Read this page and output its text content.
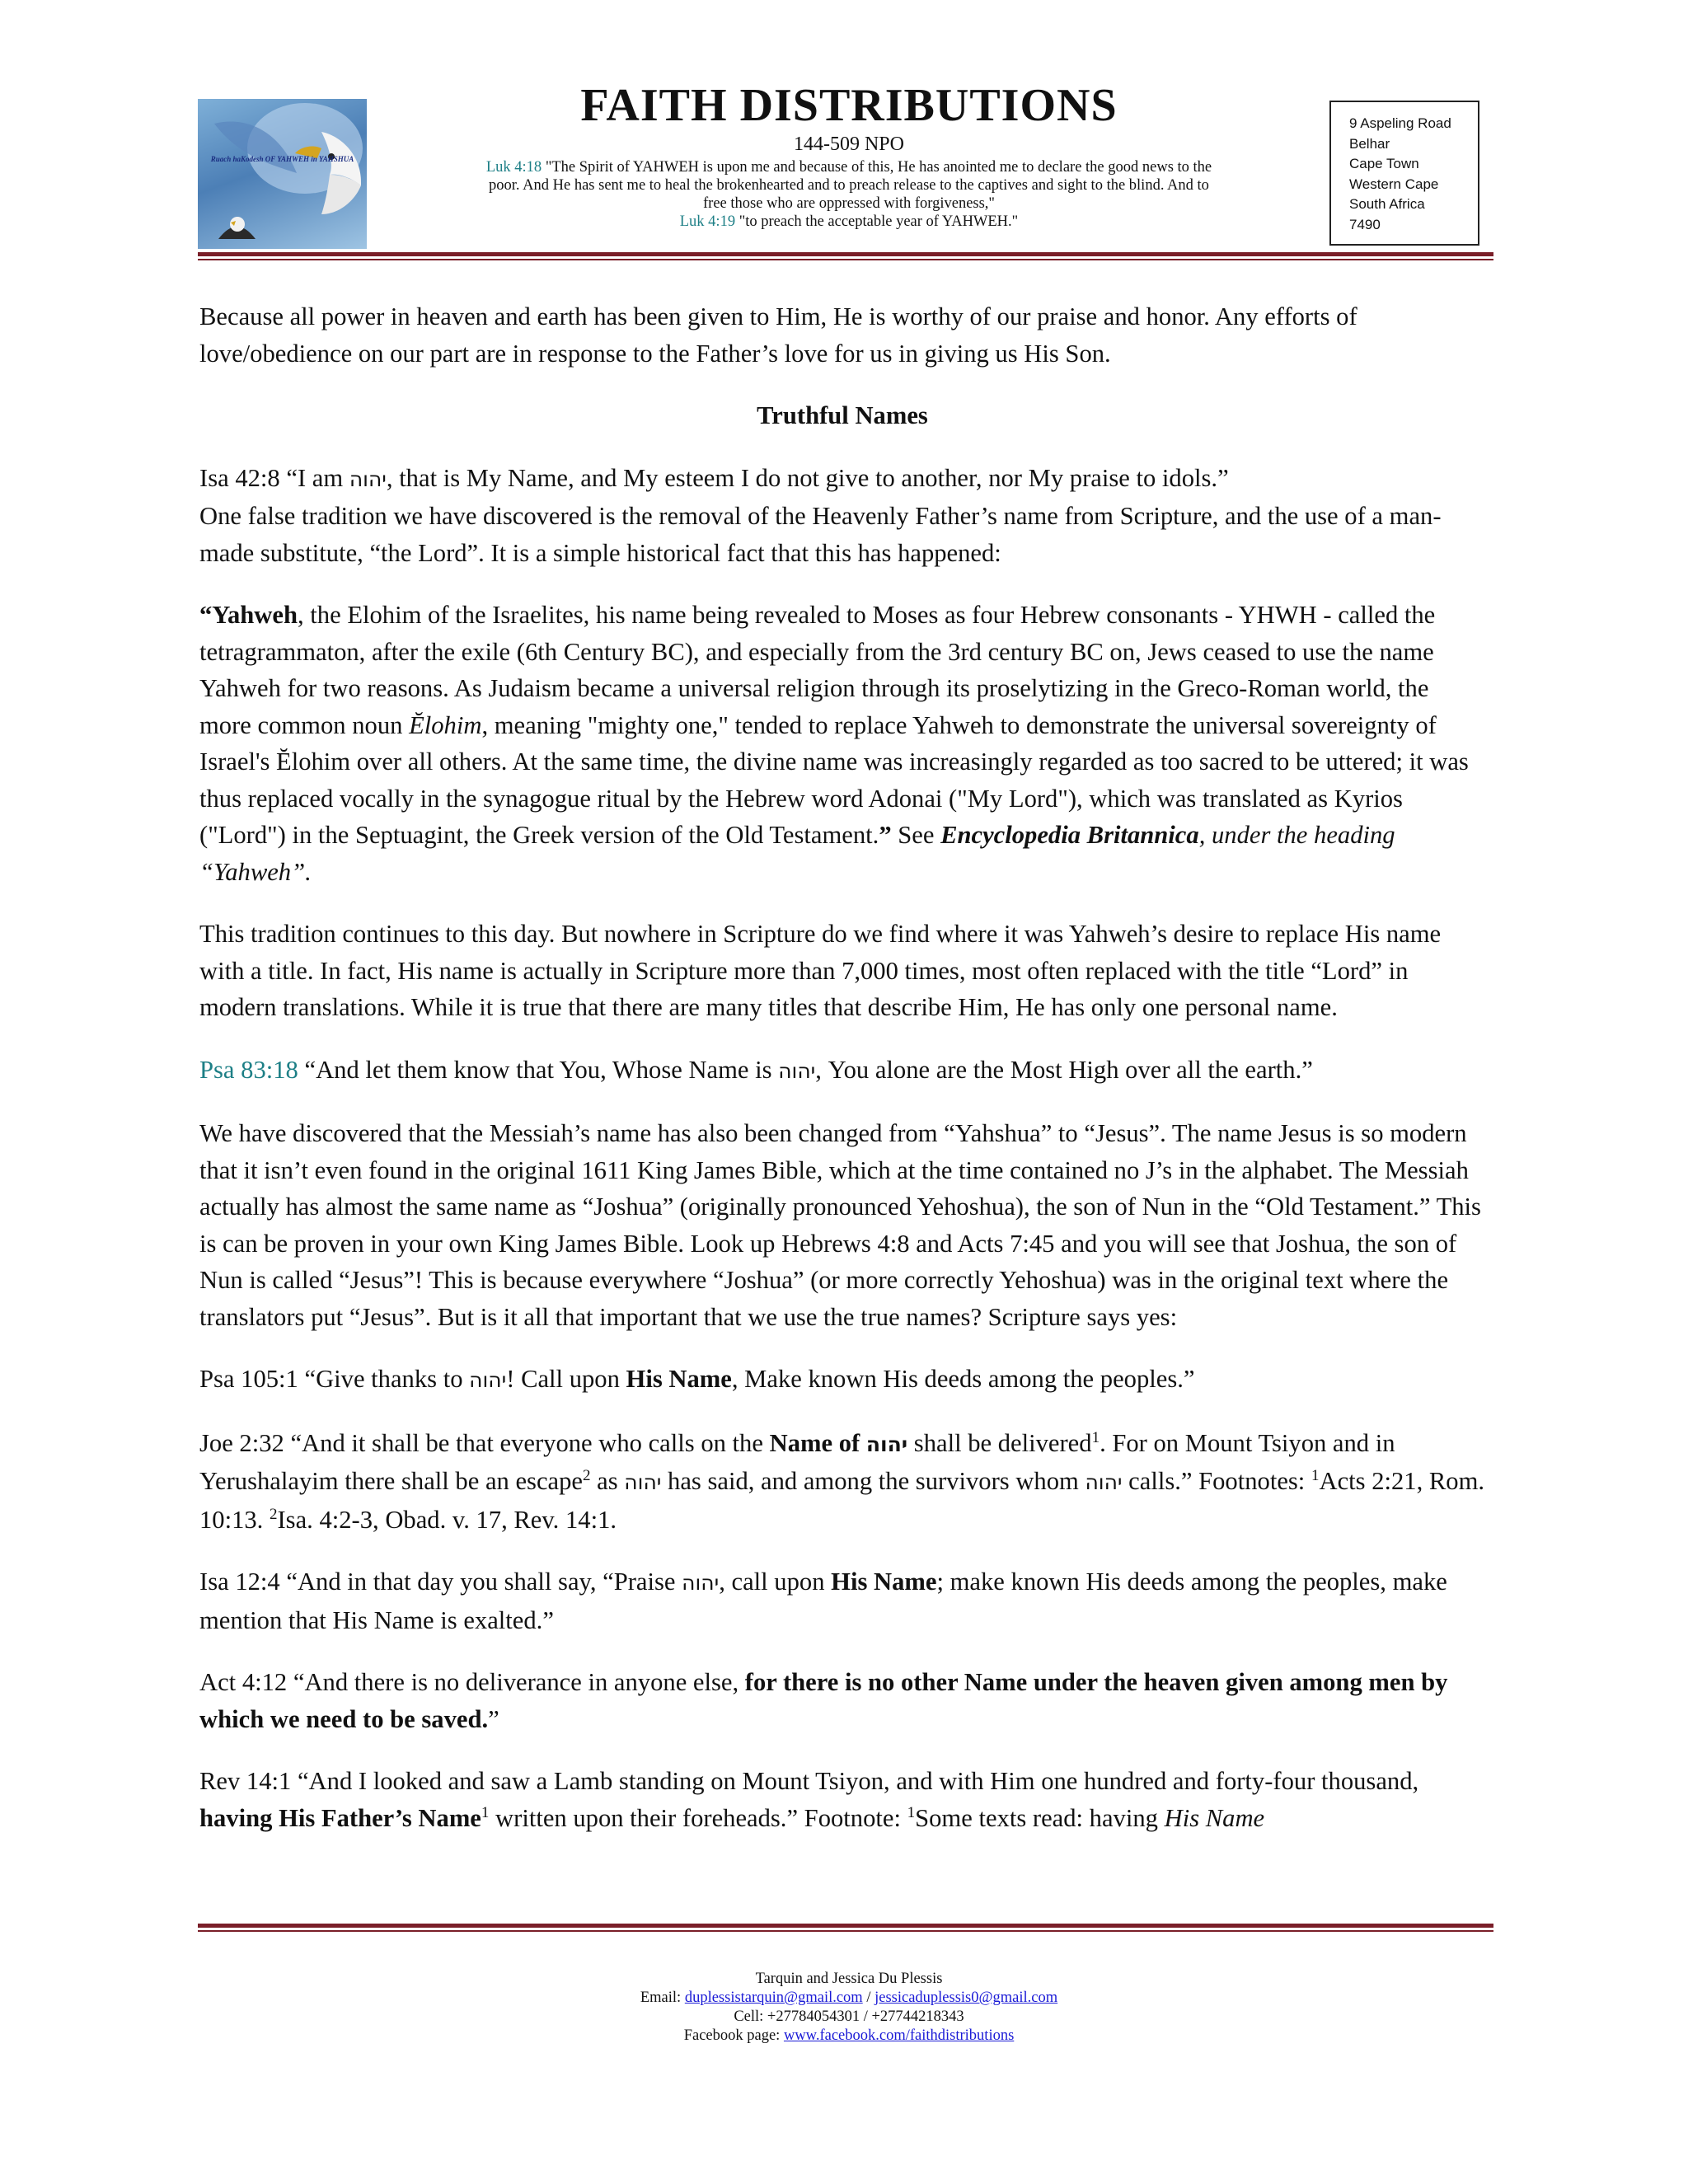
Ruach haKodesh OF YAHWEH in YAHSHUA
FAITH DISTRIBUTIONS
144-509 NPO
Luk 4:18 "The Spirit of YAHWEH is upon me and because of this, He has anointed me to declare the good news to the poor. And He has sent me to heal the brokenhearted and to preach release to the captives and sight to the blind. And to free those who are oppressed with forgiveness,"
Luk 4:19 "to preach the acceptable year of YAHWEH."
9 Aspeling Road
Belhar
Cape Town
Western Cape
South Africa
7490

Because all power in heaven and earth has been given to Him, He is worthy of our praise and honor. Any efforts of love/obedience on our part are in response to the Father’s love for us in giving us His Son.

Truthful Names

Isa 42:8 “I am יהוה, that is My Name, and My esteem I do not give to another, nor My praise to idols.”

One false tradition we have discovered is the removal of the Heavenly Father’s name from Scripture, and the use of a man-made substitute, “the Lord”. It is a simple historical fact that this has happened:

“Yahweh, the Elohim of the Israelites, his name being revealed to Moses as four Hebrew consonants - YHWH - called the tetragrammaton, after the exile (6th Century BC), and especially from the 3rd century BC on, Jews ceased to use the name Yahweh for two reasons. As Judaism became a universal religion through its proselytizing in the Greco-Roman world, the more common noun Ĕlohim, meaning "mighty one," tended to replace Yahweh to demonstrate the universal sovereignty of Israel's Ĕlohim over all others. At the same time, the divine name was increasingly regarded as too sacred to be uttered; it was thus replaced vocally in the synagogue ritual by the Hebrew word Adonai ("My Lord"), which was translated as Kyrios ("Lord") in the Septuagint, the Greek version of the Old Testament.” See Encyclopedia Britannica, under the heading “Yahweh”.

This tradition continues to this day. But nowhere in Scripture do we find where it was Yahweh’s desire to replace His name with a title. In fact, His name is actually in Scripture more than 7,000 times, most often replaced with the title “Lord” in modern translations. While it is true that there are many titles that describe Him, He has only one personal name.

Psa 83:18 “And let them know that You, Whose Name is יהוה, You alone are the Most High over all the earth.”

We have discovered that the Messiah’s name has also been changed from “Yahshua” to “Jesus”. The name Jesus is so modern that it isn’t even found in the original 1611 King James Bible, which at the time contained no J’s in the alphabet. The Messiah actually has almost the same name as “Joshua” (originally pronounced Yehoshua), the son of Nun in the “Old Testament.” This is can be proven in your own King James Bible. Look up Hebrews 4:8 and Acts 7:45 and you will see that Joshua, the son of Nun is called “Jesus”! This is because everywhere “Joshua” (or more correctly Yehoshua) was in the original text where the translators put “Jesus”. But is it all that important that we use the true names? Scripture says yes:

Psa 105:1 “Give thanks to יהוה! Call upon His Name, Make known His deeds among the peoples.”

Joe 2:32 “And it shall be that everyone who calls on the Name of יהוה shall be delivered$^1$. For on Mount Tsiyon and in Yerushalayim there shall be an escape$^2$ as יהוה has said, and among the survivors whom יהוה calls.” Footnotes: $^1$Acts 2:21, Rom. 10:13. $^2$Isa. 4:2-3, Obad. v. 17, Rev. 14:1.

Isa 12:4 “And in that day you shall say, “Praise יהוה, call upon His Name; make known His deeds among the peoples, make mention that His Name is exalted.”

Act 4:12 “And there is no deliverance in anyone else, for there is no other Name under the heaven given among men by which we need to be saved.”

Rev 14:1 “And I looked and saw a Lamb standing on Mount Tsiyon, and with Him one hundred and forty-four thousand, having His Father’s Name$^1$ written upon their foreheads.” Footnote: $^1$Some texts read: having His Name

Tarquin and Jessica Du Plessis
Email: duplessistarquin@gmail.com / jessicaduplessis0@gmail.com
Cell: +27784054301 / +27744218343
Facebook page: www.facebook.com/faithdistributions
